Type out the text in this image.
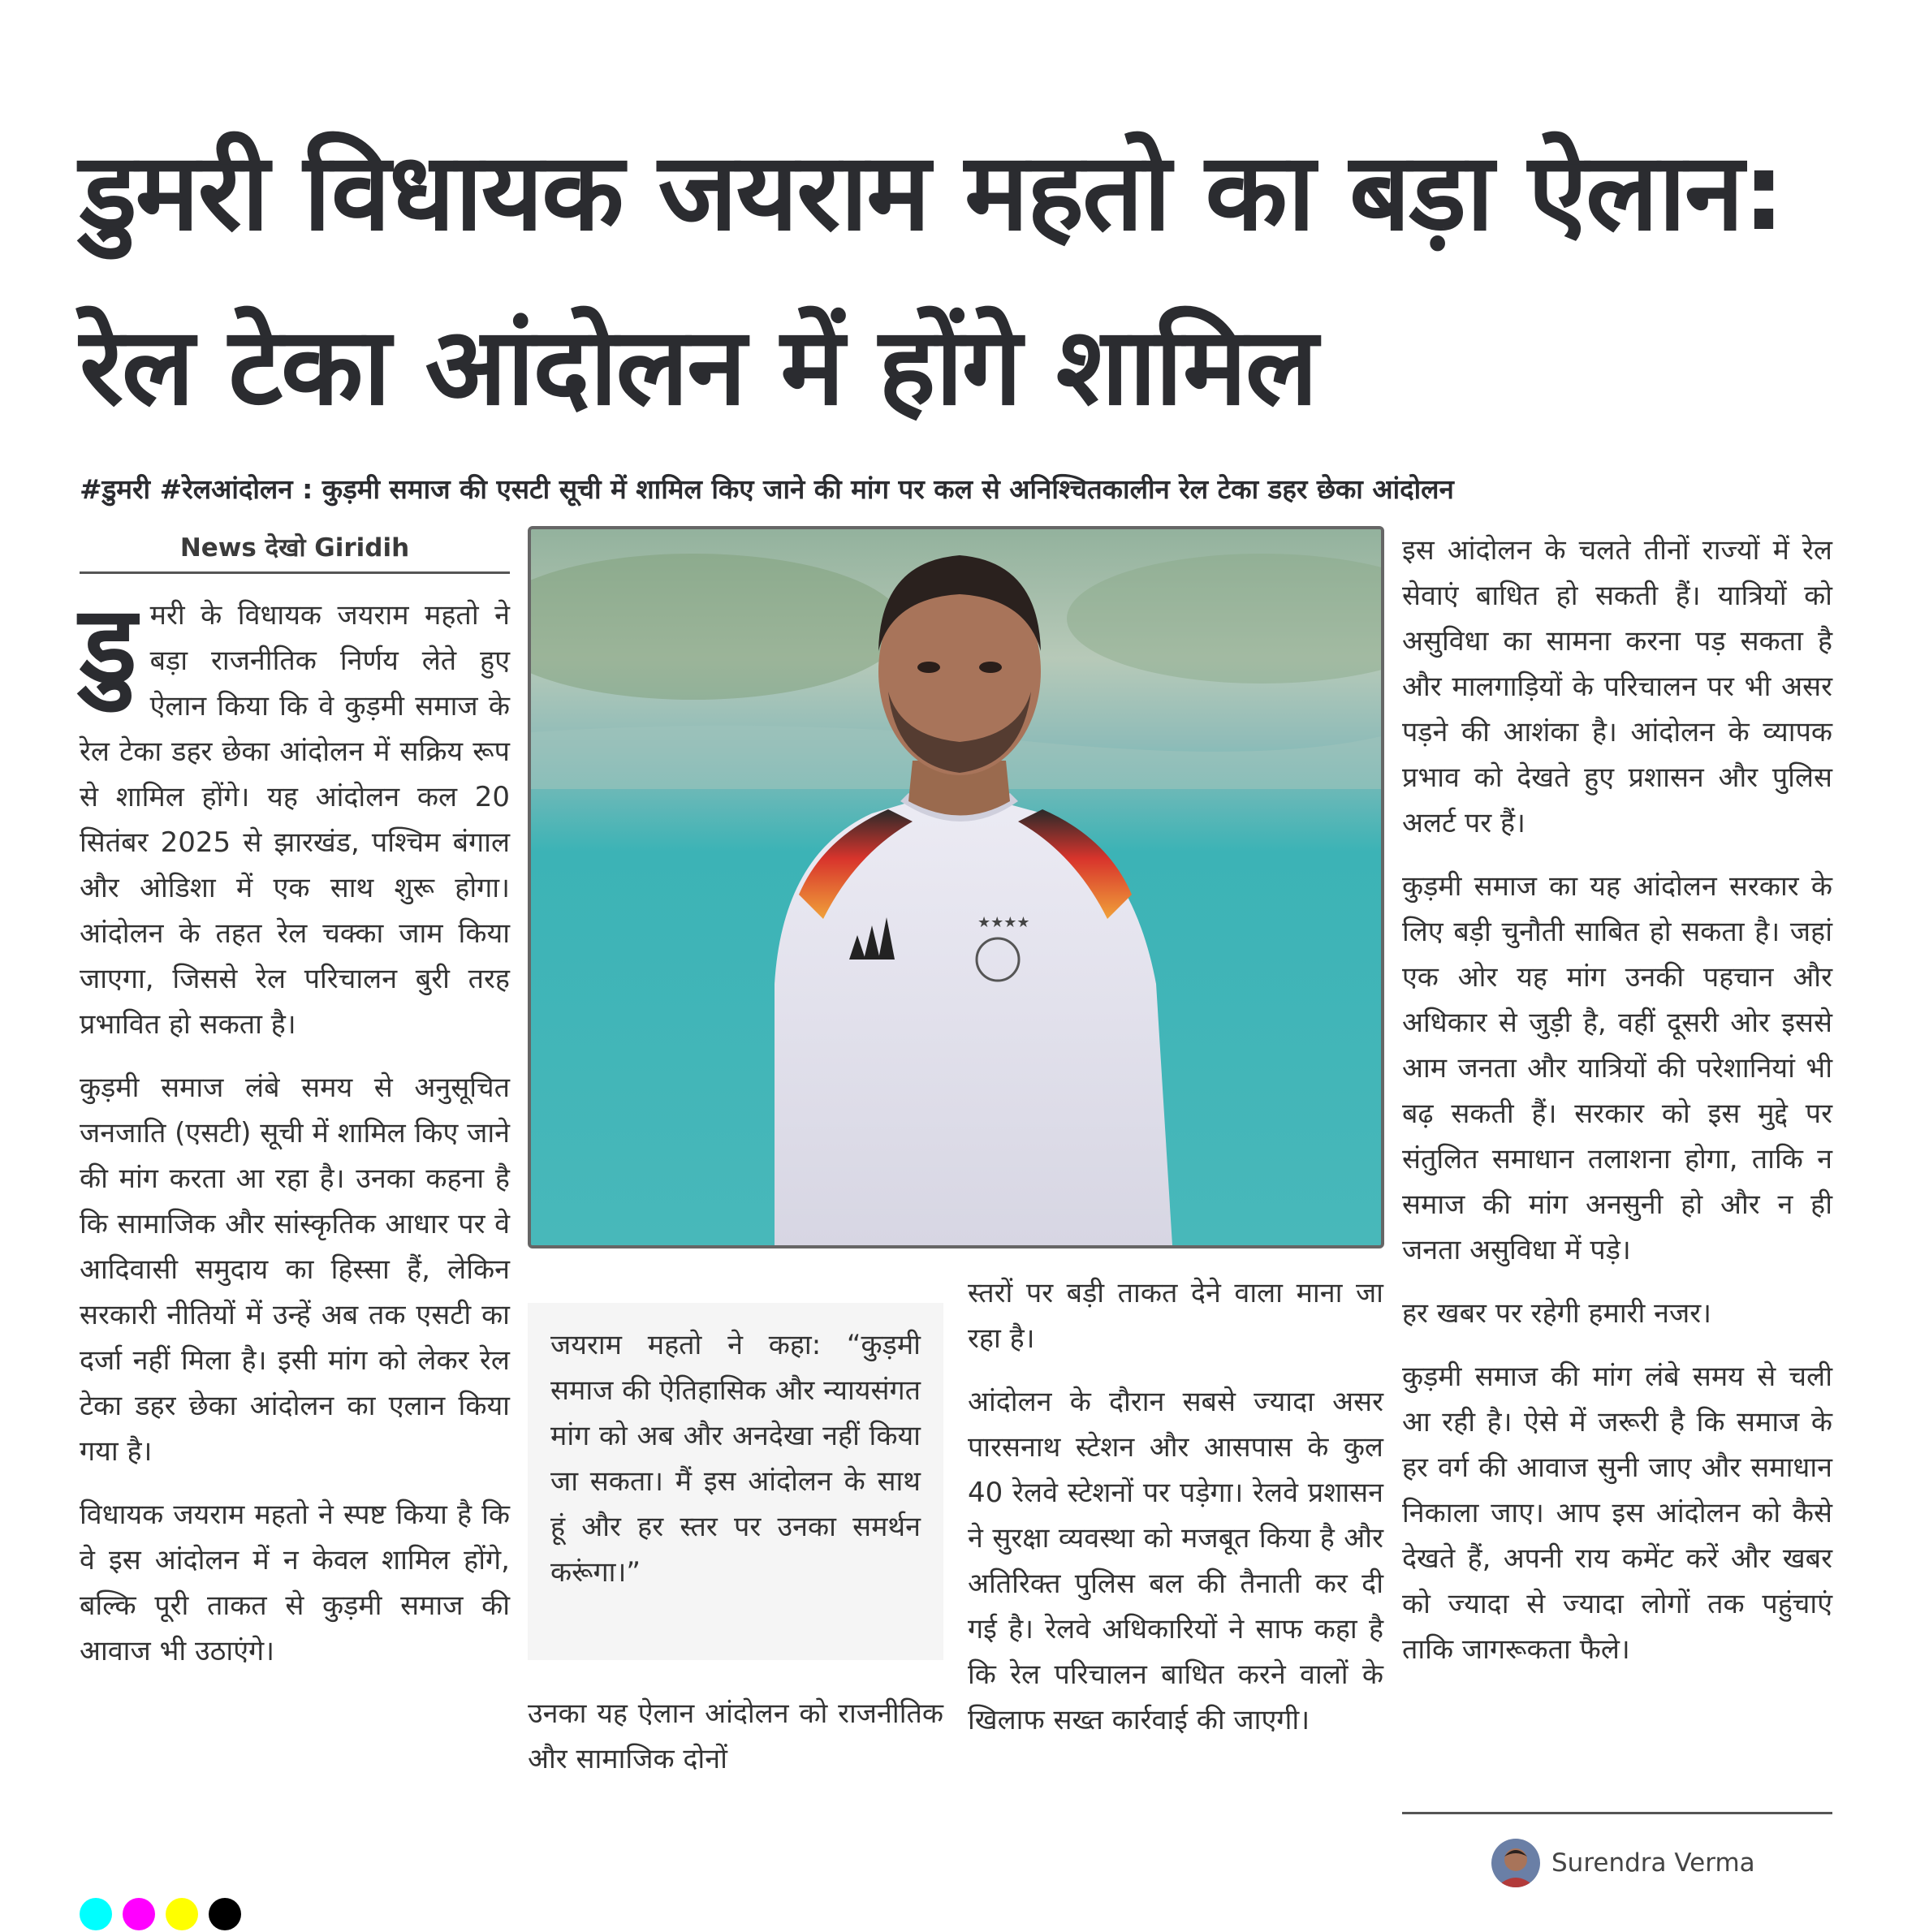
डुमरी विधायक जयराम महतो का बड़ा ऐलान: रेल टेका आंदोलन में होंगे शामिल

#डुमरी #रेलआंदोलन : कुड़मी समाज की एसटी सूची में शामिल किए जाने की मांग पर कल से अनिश्चितकालीन रेल टेका डहर छेका आंदोलन

News देखो Giridih

डुमरी के विधायक जयराम महतो ने बड़ा राजनीतिक निर्णय लेते हुए ऐलान किया कि वे कुड़मी समाज के रेल टेका डहर छेका आंदोलन में सक्रिय रूप से शामिल होंगे। यह आंदोलन कल 20 सितंबर 2025 से झारखंड, पश्चिम बंगाल और ओडिशा में एक साथ शुरू होगा। आंदोलन के तहत रेल चक्का जाम किया जाएगा, जिससे रेल परिचालन बुरी तरह प्रभावित हो सकता है।

कुड़मी समाज लंबे समय से अनुसूचित जनजाति (एसटी) सूची में शामिल किए जाने की मांग करता आ रहा है। उनका कहना है कि सामाजिक और सांस्कृतिक आधार पर वे आदिवासी समुदाय का हिस्सा हैं, लेकिन सरकारी नीतियों में उन्हें अब तक एसटी का दर्जा नहीं मिला है। इसी मांग को लेकर रेल टेका डहर छेका आंदोलन का एलान किया गया है।

विधायक जयराम महतो ने स्पष्ट किया है कि वे इस आंदोलन में न केवल शामिल होंगे, बल्कि पूरी ताकत से कुड़मी समाज की आवाज भी उठाएंगे।

★★★★
जयराम महतो ने कहा: “कुड़मी समाज की ऐतिहासिक और न्यायसंगत मांग को अब और अनदेखा नहीं किया जा सकता। मैं इस आंदोलन के साथ हूं और हर स्तर पर उनका समर्थन करूंगा।”

उनका यह ऐलान आंदोलन को राजनीतिक और सामाजिक दोनों

स्तरों पर बड़ी ताकत देने वाला माना जा रहा है।

आंदोलन के दौरान सबसे ज्यादा असर पारसनाथ स्टेशन और आसपास के कुल 40 रेलवे स्टेशनों पर पड़ेगा। रेलवे प्रशासन ने सुरक्षा व्यवस्था को मजबूत किया है और अतिरिक्त पुलिस बल की तैनाती कर दी गई है। रेलवे अधिकारियों ने साफ कहा है कि रेल परिचालन बाधित करने वालों के खिलाफ सख्त कार्रवाई की जाएगी।

इस आंदोलन के चलते तीनों राज्यों में रेल सेवाएं बाधित हो सकती हैं। यात्रियों को असुविधा का सामना करना पड़ सकता है और मालगाड़ियों के परिचालन पर भी असर पड़ने की आशंका है। आंदोलन के व्यापक प्रभाव को देखते हुए प्रशासन और पुलिस अलर्ट पर हैं।

कुड़मी समाज का यह आंदोलन सरकार के लिए बड़ी चुनौती साबित हो सकता है। जहां एक ओर यह मांग उनकी पहचान और अधिकार से जुड़ी है, वहीं दूसरी ओर इससे आम जनता और यात्रियों की परेशानियां भी बढ़ सकती हैं। सरकार को इस मुद्दे पर संतुलित समाधान तलाशना होगा, ताकि न समाज की मांग अनसुनी हो और न ही जनता असुविधा में पड़े।

हर खबर पर रहेगी हमारी नजर।

कुड़मी समाज की मांग लंबे समय से चली आ रही है। ऐसे में जरूरी है कि समाज के हर वर्ग की आवाज सुनी जाए और समाधान निकाला जाए। आप इस आंदोलन को कैसे देखते हैं, अपनी राय कमेंट करें और खबर को ज्यादा से ज्यादा लोगों तक पहुंचाएं ताकि जागरूकता फैले।

Surendra Verma
